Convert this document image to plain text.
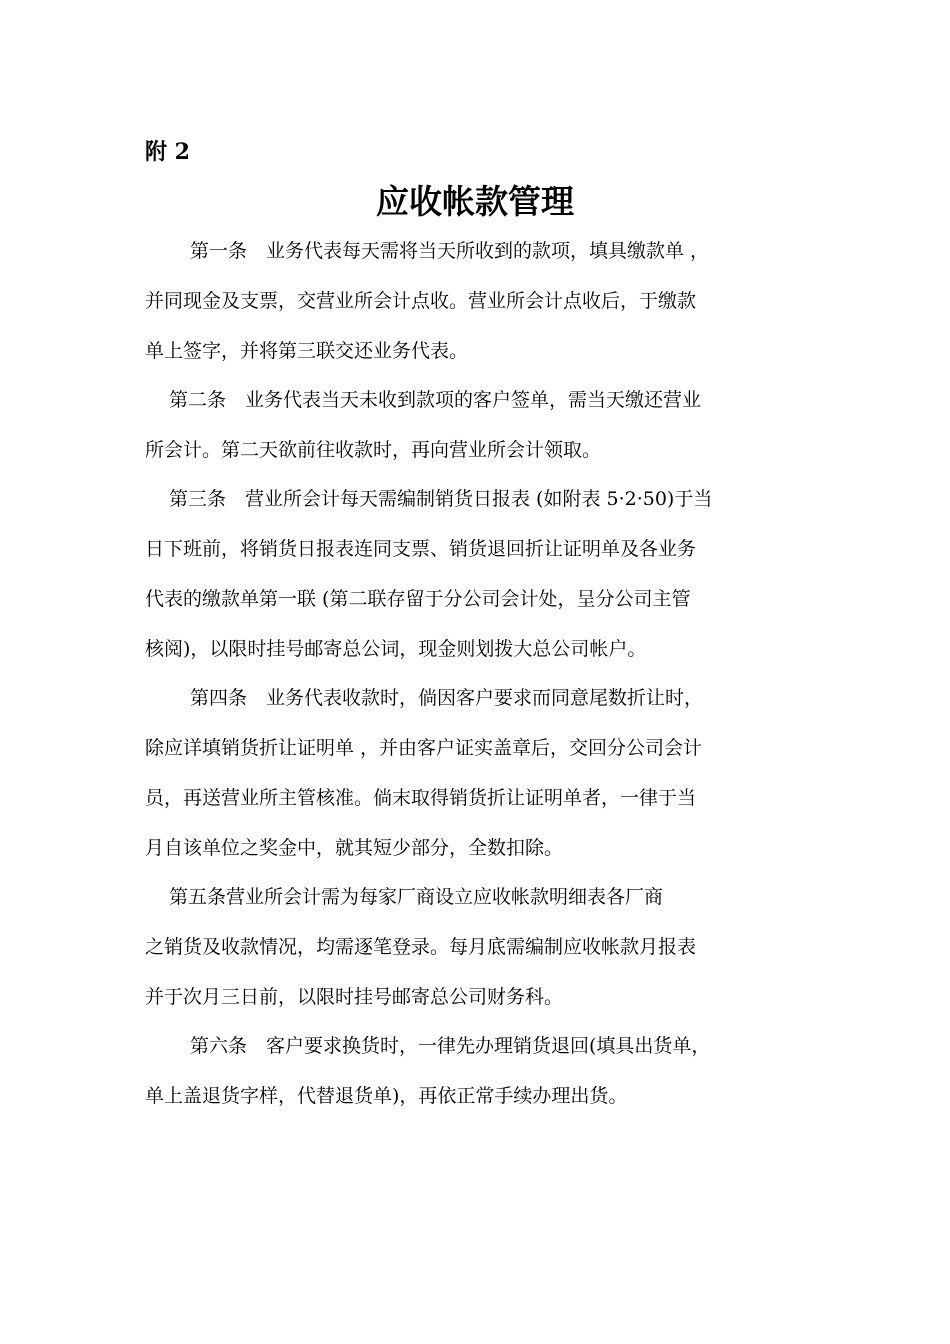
附 2
应收帐款管理
第一条　业务代表每天需将当天所收到的款项，填具缴款单 ，
并同现金及支票，交营业所会计点收。营业所会计点收后，于缴款
单上签字，并将第三联交还业务代表。
第二条　业务代表当天未收到款项的客户签单，需当天缴还营业
所会计。第二天欲前往收款时，再向营业所会计领取。
第三条　营业所会计每天需编制销货日报表 (如附表 5·2·50)于当
日下班前，将销货日报表连同支票、销货退回折让证明单及各业务
代表的缴款单第一联 (第二联存留于分公司会计处，呈分公司主管
核阅)，以限时挂号邮寄总公词，现金则划拨大总公司帐户。
第四条　业务代表收款时，倘因客户要求而同意尾数折让时，
除应详填销货折让证明单 ，并由客户证实盖章后，交回分公司会计
员，再送营业所主管核准。倘末取得销货折让证明单者，一律于当
月自该单位之奖金中，就其短少部分，全数扣除。
第五条营业所会计需为每家厂商设立应收帐款明细表各厂商
之销货及收款情况，均需逐笔登录。每月底需编制应收帐款月报表
并于次月三日前，以限时挂号邮寄总公司财务科。
第六条　客户要求换货时，一律先办理销货退回(填具出货单，
单上盖退货字样，代替退货单)，再依正常手续办理出货。
